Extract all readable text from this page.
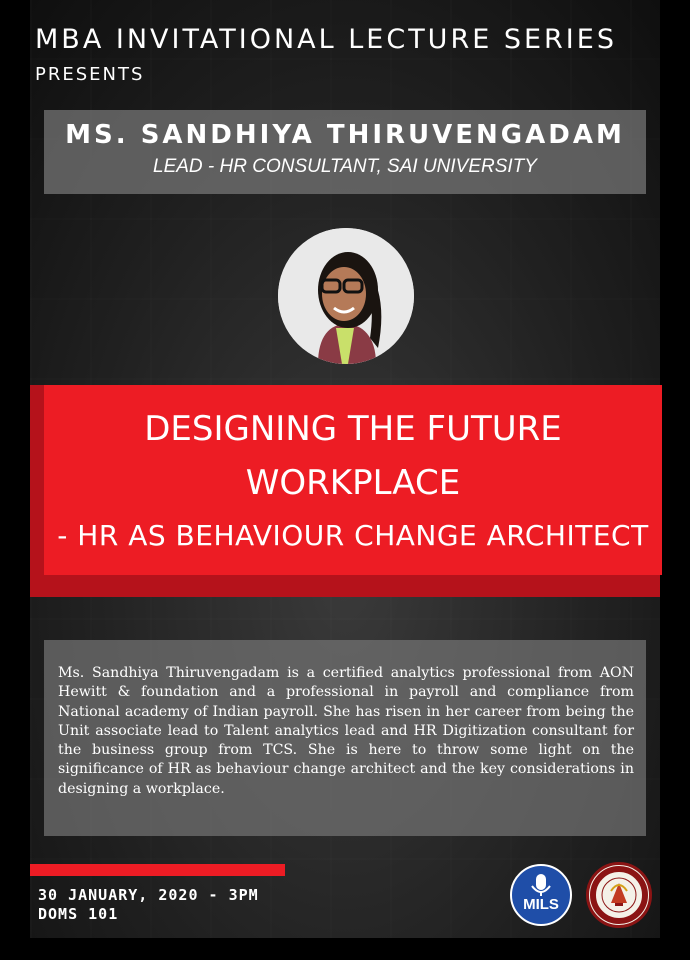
MBA INVITATIONAL LECTURE SERIES
PRESENTS
MS. SANDHIYA THIRUVENGADAM
LEAD - HR CONSULTANT, SAI UNIVERSITY
DESIGNING THE FUTURE
WORKPLACE
- HR AS BEHAVIOUR CHANGE ARCHITECT
Ms. Sandhiya Thiruvengadam is a certified analytics professional from AON Hewitt & foundation and a professional in payroll and compliance from National academy of Indian payroll. She has risen in her career from being the Unit associate lead to Talent analytics lead and HR Digitization consultant for the business group from TCS. She is here to throw some light on the significance of HR as behaviour change architect and the key considerations in designing a workplace.
30 JANUARY, 2020 - 3PM
DOMS 101
MILS
